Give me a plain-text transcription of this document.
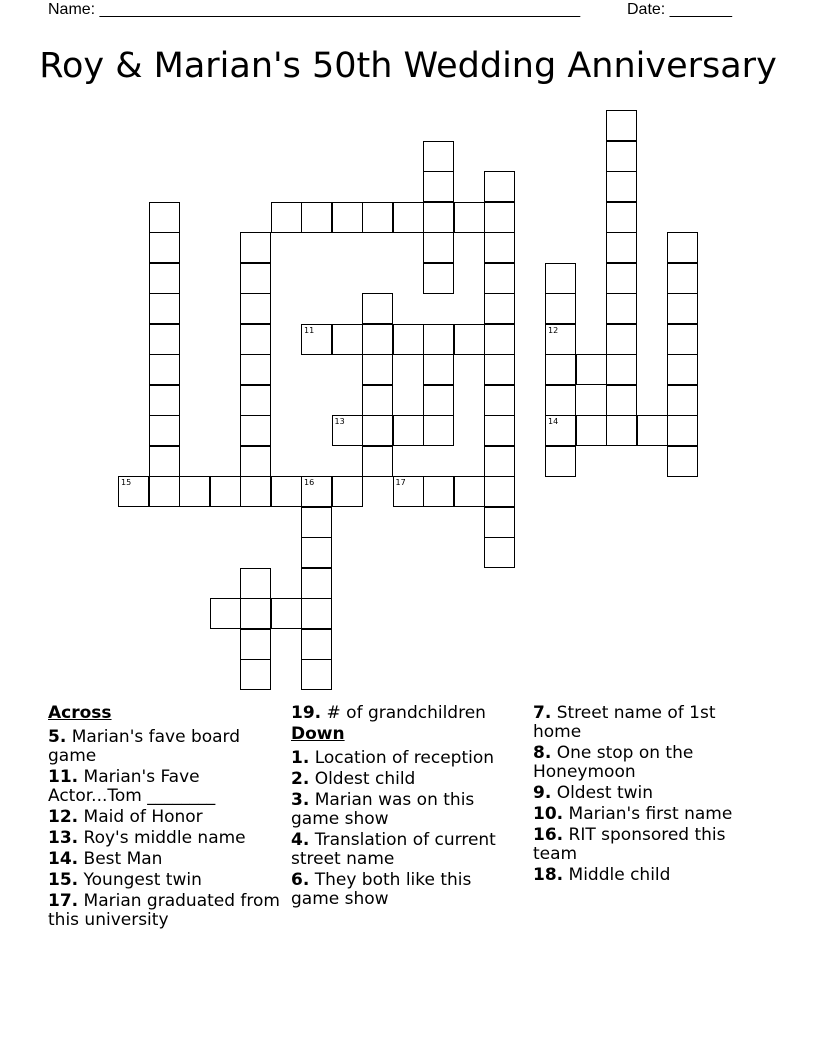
Name: ______________________________________________________	Date: _______
Roy & Marian's 50th Wedding Anniversary
15
11
16
13
17
12
14
Across
5. Marian's fave board game
11. Marian's Fave Actor...Tom ________
12. Maid of Honor
13. Roy's middle name
14. Best Man
15. Youngest twin
17. Marian graduated from this university
19. # of grandchildren
Down
1. Location of reception
2. Oldest child
3. Marian was on this game show
4. Translation of current street name
6. They both like this game show
7. Street name of 1st home
8. One stop on the Honeymoon
9. Oldest twin
10. Marian's first name
16. RIT sponsored this team
18. Middle child
